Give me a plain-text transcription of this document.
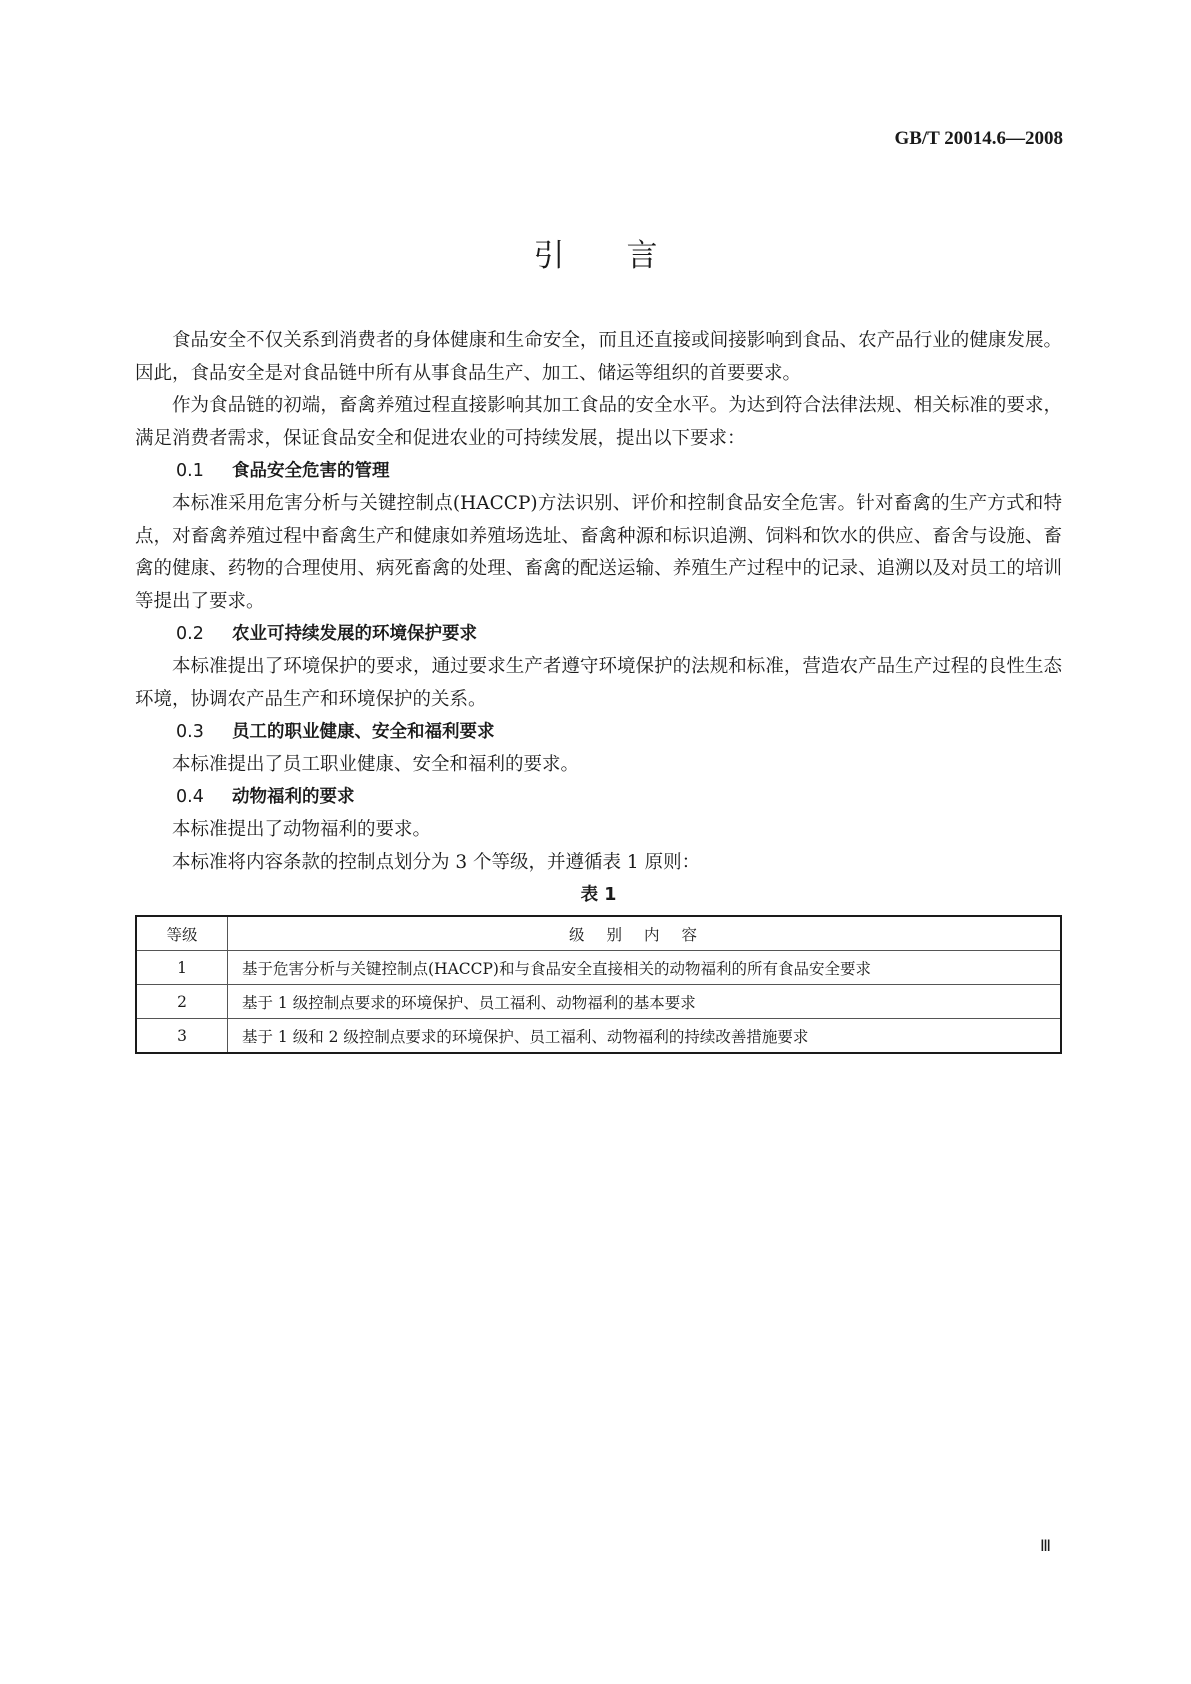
GB/T 20014.6—2008
引言

食品安全不仅关系到消费者的身体健康和生命安全，而且还直接或间接影响到食品、农产品行业的健康发展。因此，食品安全是对食品链中所有从事食品生产、加工、储运等组织的首要要求。

作为食品链的初端，畜禽养殖过程直接影响其加工食品的安全水平。为达到符合法律法规、相关标准的要求，满足消费者需求，保证食品安全和促进农业的可持续发展，提出以下要求：

0.1 食品安全危害的管理

本标准采用危害分析与关键控制点(HACCP)方法识别、评价和控制食品安全危害。针对畜禽的生产方式和特点，对畜禽养殖过程中畜禽生产和健康如养殖场选址、畜禽种源和标识追溯、饲料和饮水的供应、畜舍与设施、畜禽的健康、药物的合理使用、病死畜禽的处理、畜禽的配送运输、养殖生产过程中的记录、追溯以及对员工的培训等提出了要求。

0.2 农业可持续发展的环境保护要求

本标准提出了环境保护的要求，通过要求生产者遵守环境保护的法规和标准，营造农产品生产过程的良性生态环境，协调农产品生产和环境保护的关系。

0.3 员工的职业健康、安全和福利要求

本标准提出了员工职业健康、安全和福利的要求。

0.4 动物福利的要求

本标准提出了动物福利的要求。

本标准将内容条款的控制点划分为 3 个等级，并遵循表 1 原则：

表 1
等级	级别内容
1	基于危害分析与关键控制点(HACCP)和与食品安全直接相关的动物福利的所有食品安全要求
2	基于 1 级控制点要求的环境保护、员工福利、动物福利的基本要求
3	基于 1 级和 2 级控制点要求的环境保护、员工福利、动物福利的持续改善措施要求
Ⅲ
